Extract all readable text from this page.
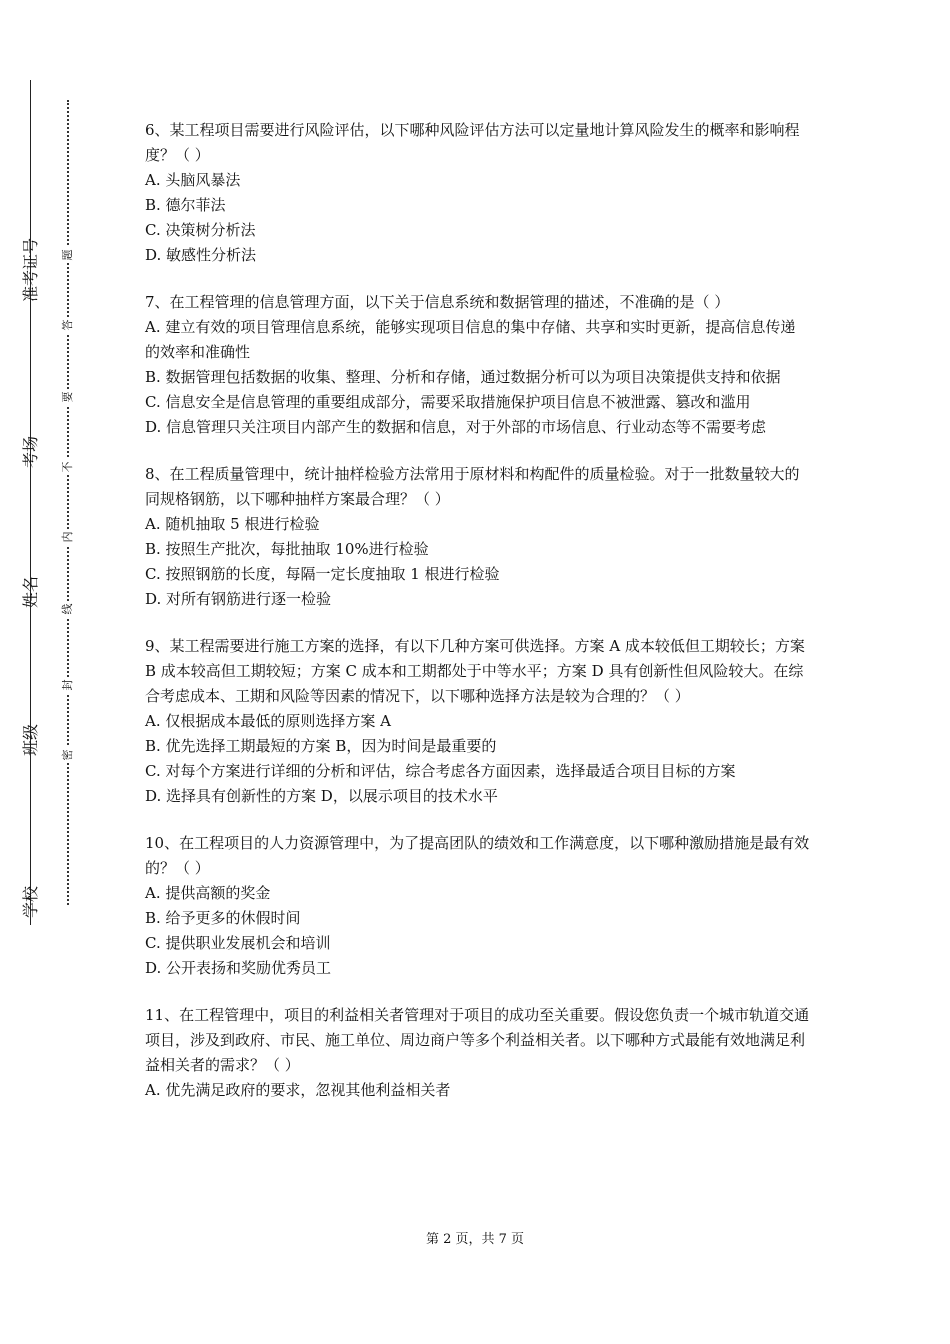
学校
班级
姓名
考场
准考证号
密
封
线
内
不
要
答
题

6、某工程项目需要进行风险评估，以下哪种风险评估方法可以定量地计算风险发生的概率和影响程度？（ ）

A. 头脑风暴法

B. 德尔菲法

C. 决策树分析法

D. 敏感性分析法

7、在工程管理的信息管理方面，以下关于信息系统和数据管理的描述，不准确的是（ ）

A. 建立有效的项目管理信息系统，能够实现项目信息的集中存储、共享和实时更新，提高信息传递的效率和准确性

B. 数据管理包括数据的收集、整理、分析和存储，通过数据分析可以为项目决策提供支持和依据

C. 信息安全是信息管理的重要组成部分，需要采取措施保护项目信息不被泄露、篡改和滥用

D. 信息管理只关注项目内部产生的数据和信息，对于外部的市场信息、行业动态等不需要考虑

8、在工程质量管理中，统计抽样检验方法常用于原材料和构配件的质量检验。对于一批数量较大的同规格钢筋，以下哪种抽样方案最合理？（ ）

A. 随机抽取 5 根进行检验

B. 按照生产批次，每批抽取 10%进行检验

C. 按照钢筋的长度，每隔一定长度抽取 1 根进行检验

D. 对所有钢筋进行逐一检验

9、某工程需要进行施工方案的选择，有以下几种方案可供选择。方案 A 成本较低但工期较长；方案 B 成本较高但工期较短；方案 C 成本和工期都处于中等水平；方案 D 具有创新性但风险较大。在综合考虑成本、工期和风险等因素的情况下，以下哪种选择方法是较为合理的？（ ）

A. 仅根据成本最低的原则选择方案 A

B. 优先选择工期最短的方案 B，因为时间是最重要的

C. 对每个方案进行详细的分析和评估，综合考虑各方面因素，选择最适合项目目标的方案

D. 选择具有创新性的方案 D，以展示项目的技术水平

10、在工程项目的人力资源管理中，为了提高团队的绩效和工作满意度，以下哪种激励措施是最有效的？（ ）

A. 提供高额的奖金

B. 给予更多的休假时间

C. 提供职业发展机会和培训

D. 公开表扬和奖励优秀员工

11、在工程管理中，项目的利益相关者管理对于项目的成功至关重要。假设您负责一个城市轨道交通项目，涉及到政府、市民、施工单位、周边商户等多个利益相关者。以下哪种方式最能有效地满足利益相关者的需求？（ ）

A. 优先满足政府的要求，忽视其他利益相关者

第 2 页，共 7 页
